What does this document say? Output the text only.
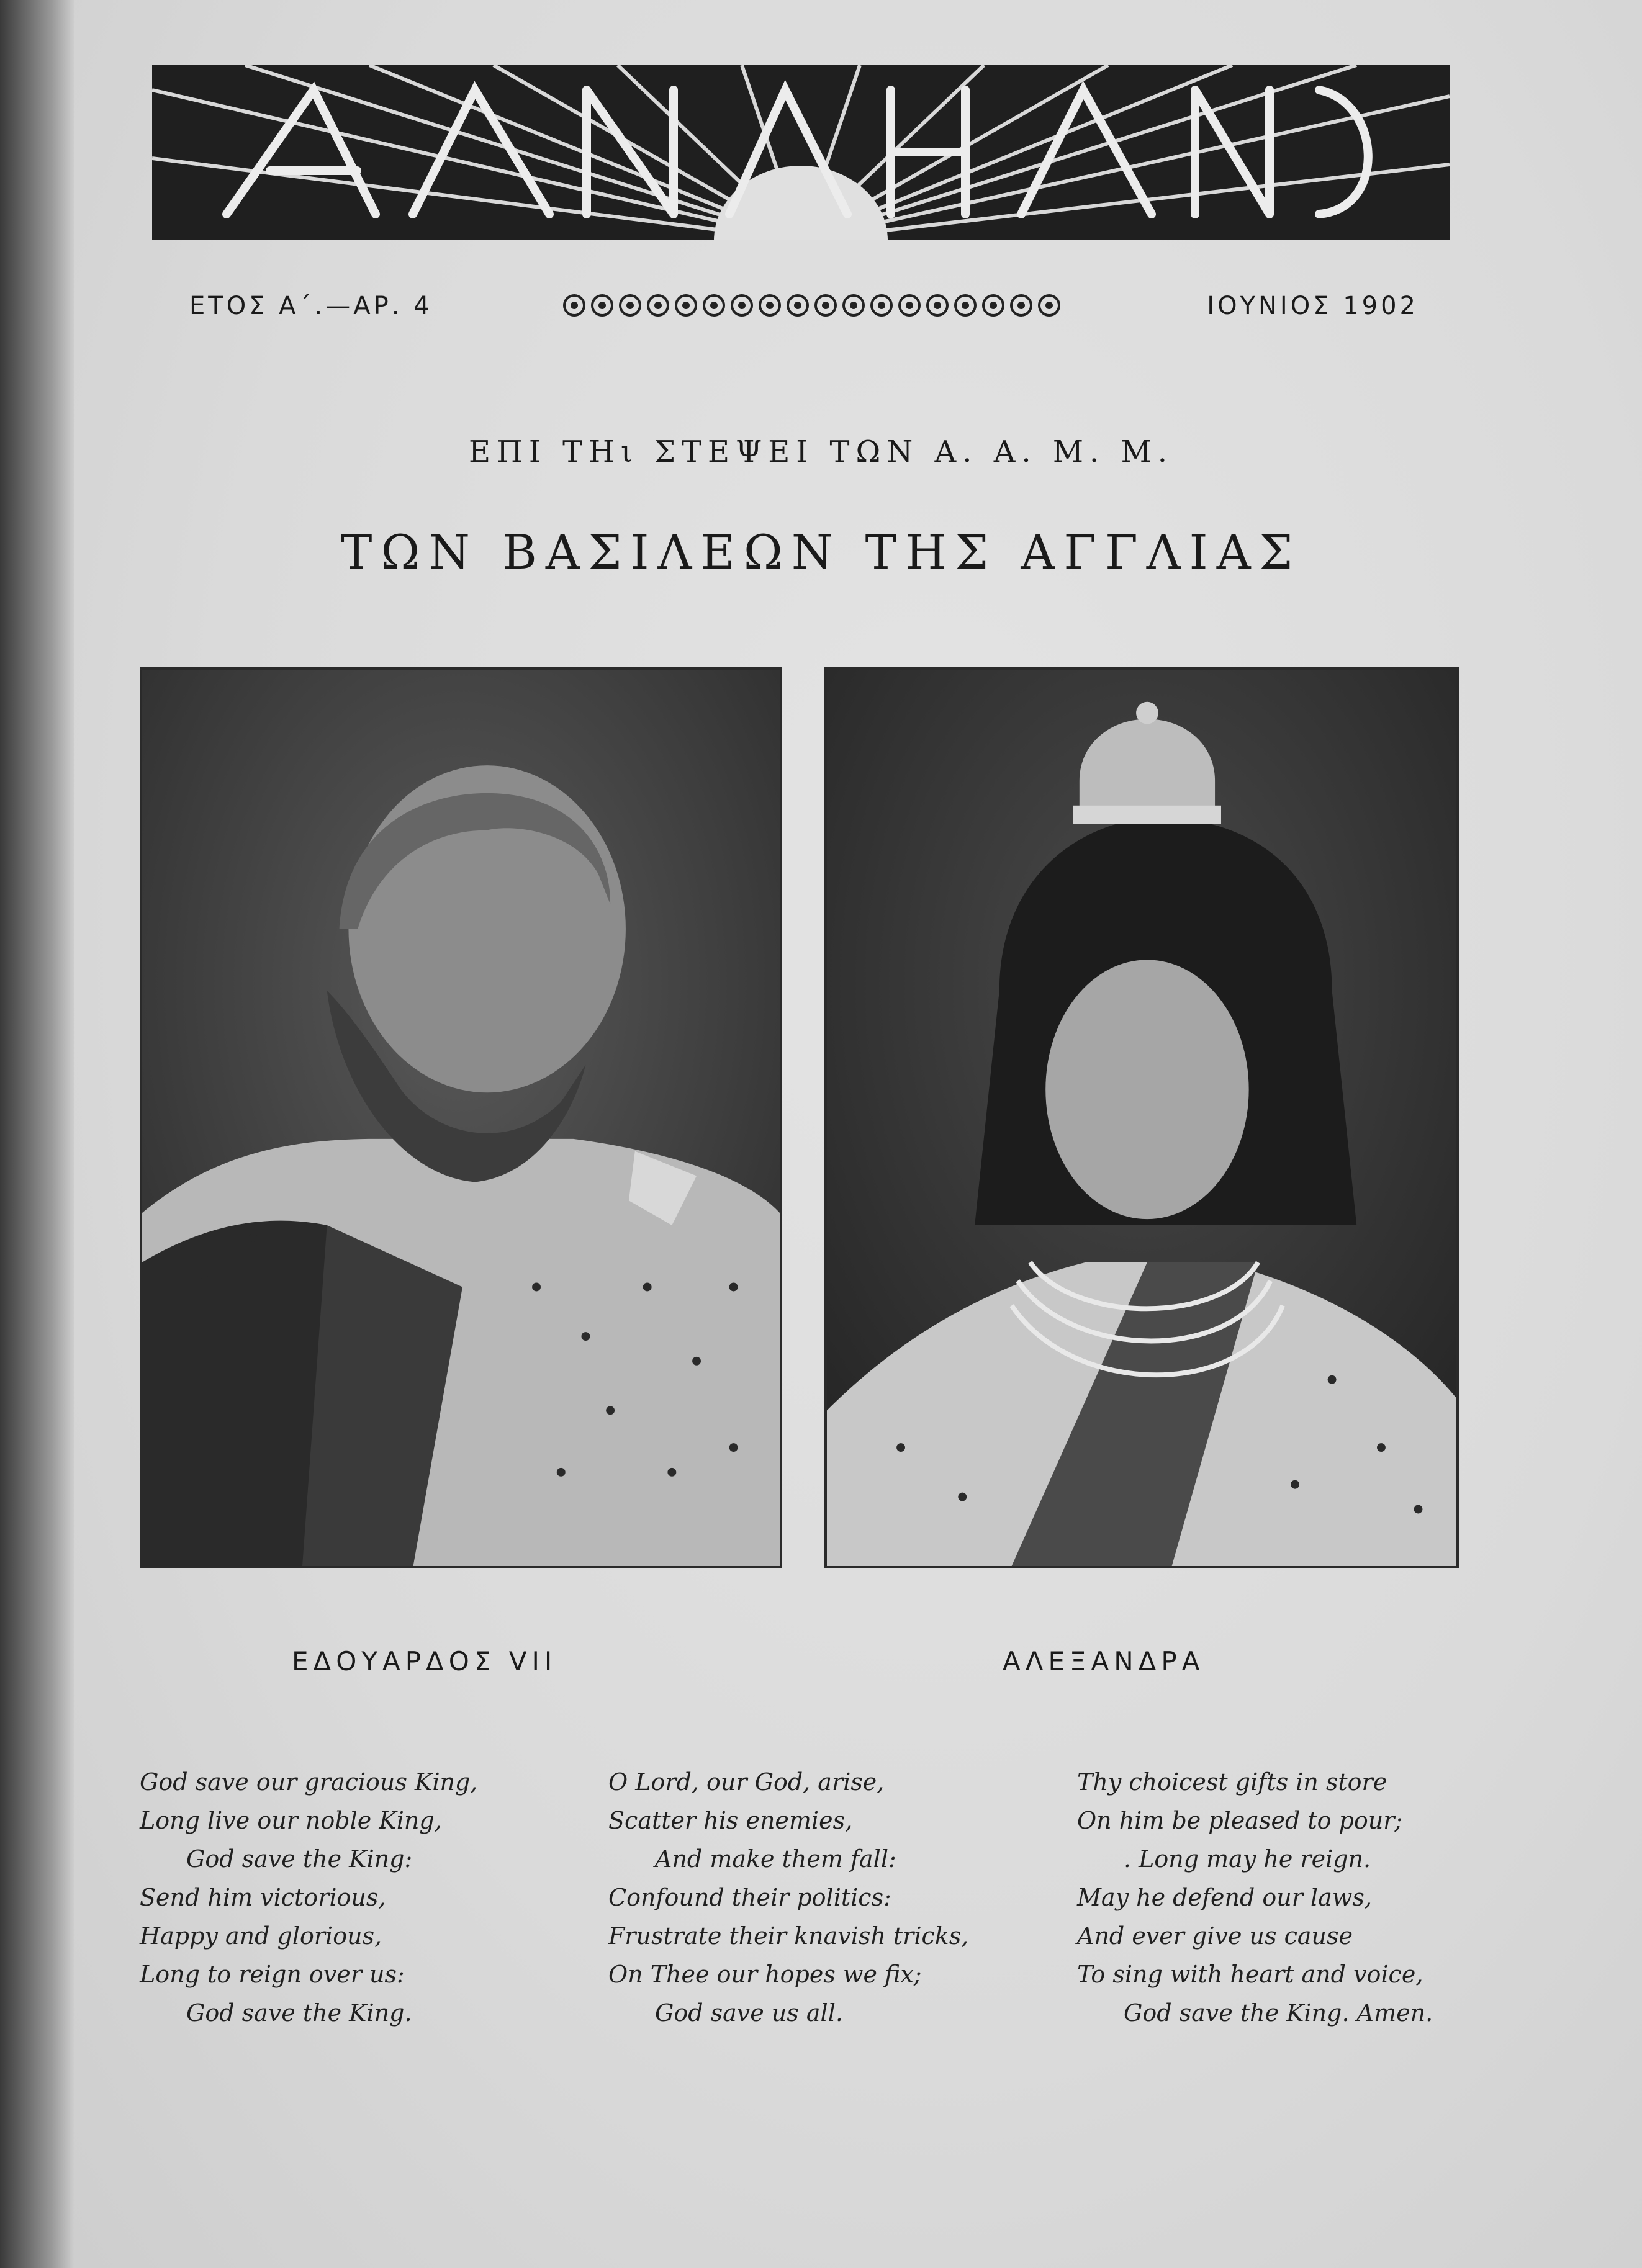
ΕΤΟΣ Α΄.—ΑΡ. 4	ΙΟΥΝΙΟΣ 1902
ΕΠΙ ΤΗι ΣΤΕΨΕΙ ΤΩΝ Α. Α. Μ. Μ.
ΤΩΝ ΒΑΣΙΛΕΩΝ ΤΗΣ ΑΓΓΛΙΑΣ
ΕΔΟΥΑΡΔΟΣ VII	ΑΛΕΞΑΝΔΡΑ
God save our gracious King,
Long live our noble King,
God save the King:
Send him victorious,
Happy and glorious,
Long to reign over us:
God save the King.
O Lord, our God, arise,
Scatter his enemies,
And make them fall:
Confound their politics:
Frustrate their knavish tricks,
On Thee our hopes we fix;
God save us all.
Thy choicest gifts in store
On him be pleased to pour;
. Long may he reign.
May he defend our laws,
And ever give us cause
To sing with heart and voice,
God save the King. Amen.
